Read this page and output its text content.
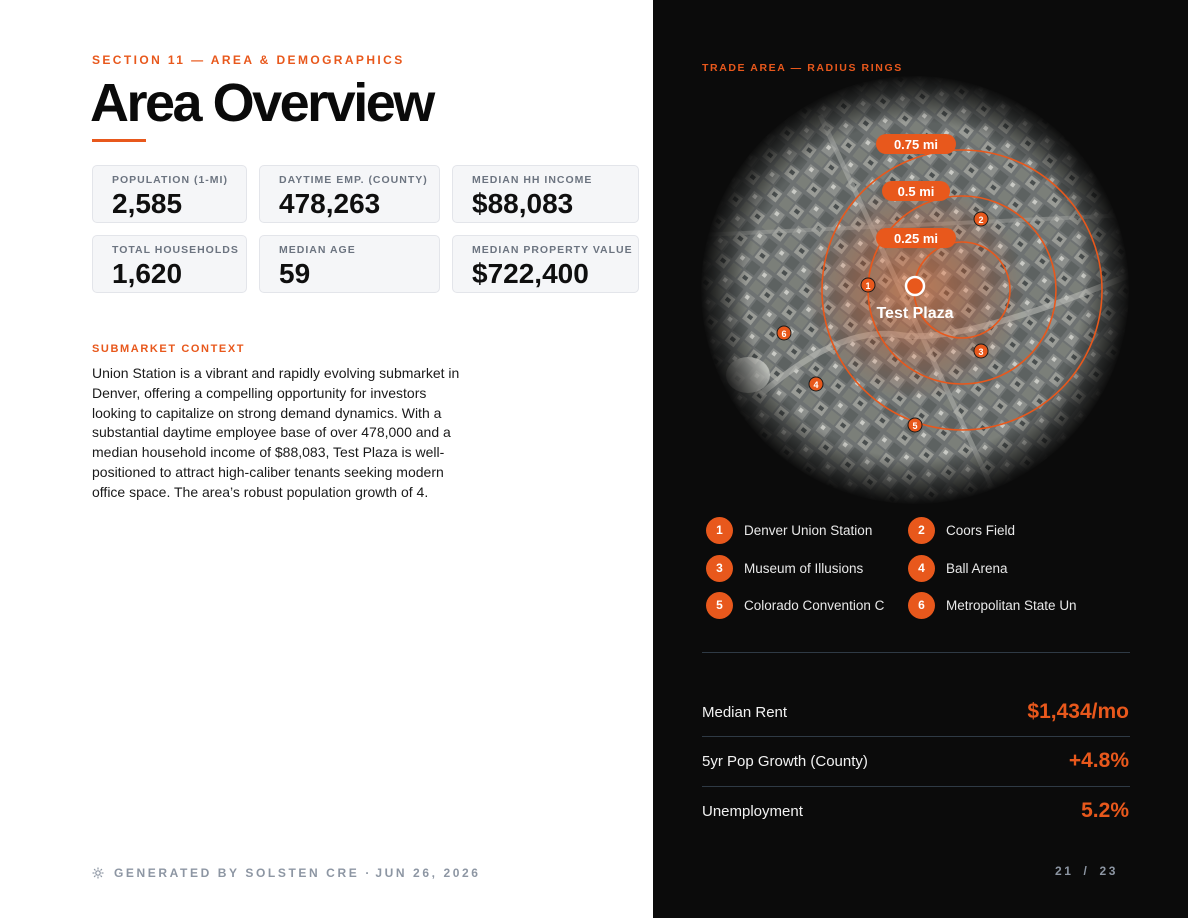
SECTION 11 — AREA & DEMOGRAPHICS
Area Overview
POPULATION (1-MI)
2,585
DAYTIME EMP. (COUNTY)
478,263
MEDIAN HH INCOME
$88,083
TOTAL HOUSEHOLDS
1,620
MEDIAN AGE
59
MEDIAN PROPERTY VALUE
$722,400
SUBMARKET CONTEXT
Union Station is a vibrant and rapidly evolving submarket in Denver, offering a compelling opportunity for investors looking to capitalize on strong demand dynamics. With a substantial daytime employee base of over 478,000 and a median household income of $88,083, Test Plaza is well-positioned to attract high-caliber tenants seeking modern office space. The area’s robust population growth of 4.
GENERATED BY SOLSTEN CRE · JUN 26, 2026
TRADE AREA — RADIUS RINGS
0.75 mi
0.5 mi
0.25 mi
Test Plaza
1
2
3
4
5
6
1	Denver Union Station	2	Coors Field
3	Museum of Illusions	4	Ball Arena
5	Colorado Convention C	6	Metropolitan State Un
Median Rent	$1,434/mo
5yr Pop Growth (County)	+4.8%
Unemployment	5.2%
21 / 23
